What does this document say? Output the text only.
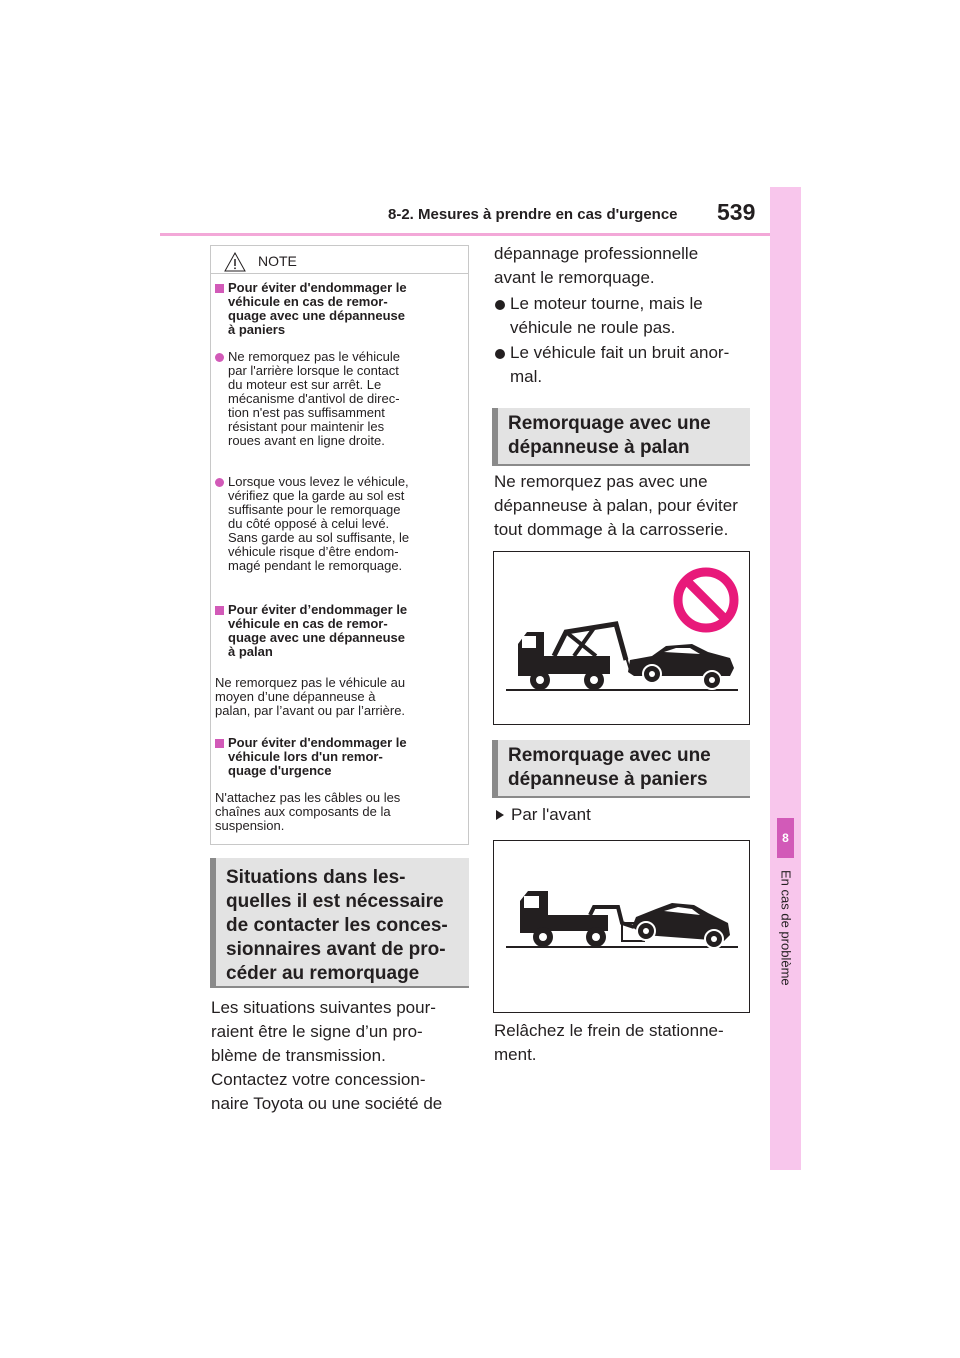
8-2. Mesures à prendre en cas d'urgence 539
8
En cas de problème
NOTE
Pour éviter d'endommager le
véhicule en cas de remor-
quage avec une dépanneuse
à paniers
Ne remorquez pas le véhicule
par l'arrière lorsque le contact
du moteur est sur arrêt. Le
mécanisme d'antivol de direc-
tion n'est pas suffisamment
résistant pour maintenir les
roues avant en ligne droite.
Lorsque vous levez le véhicule,
vérifiez que la garde au sol est
suffisante pour le remorquage
du côté opposé à celui levé.
Sans garde au sol suffisante, le
véhicule risque d’être endom-
magé pendant le remorquage.
Pour éviter d’endommager le
véhicule en cas de remor-
quage avec une dépanneuse
à palan
Ne remorquez pas le véhicule au
moyen d’une dépanneuse à
palan, par l’avant ou par l’arrière.
Pour éviter d'endommager le
véhicule lors d'un remor-
quage d'urgence
N'attachez pas les câbles ou les
chaînes aux composants de la
suspension.
Situations dans les-
quelles il est nécessaire
de contacter les conces-
sionnaires avant de pro-
céder au remorquage
Les situations suivantes pour-
raient être le signe d’un pro-
blème de transmission.
Contactez votre concession-
naire Toyota ou une société de
dépannage professionnelle
avant le remorquage.
Le moteur tourne, mais le
véhicule ne roule pas.
Le véhicule fait un bruit anor-
mal.
Remorquage avec une
dépanneuse à palan
Ne remorquez pas avec une
dépanneuse à palan, pour éviter
tout dommage à la carrosserie.
Remorquage avec une
dépanneuse à paniers
Par l'avant
Relâchez le frein de stationne-
ment.
